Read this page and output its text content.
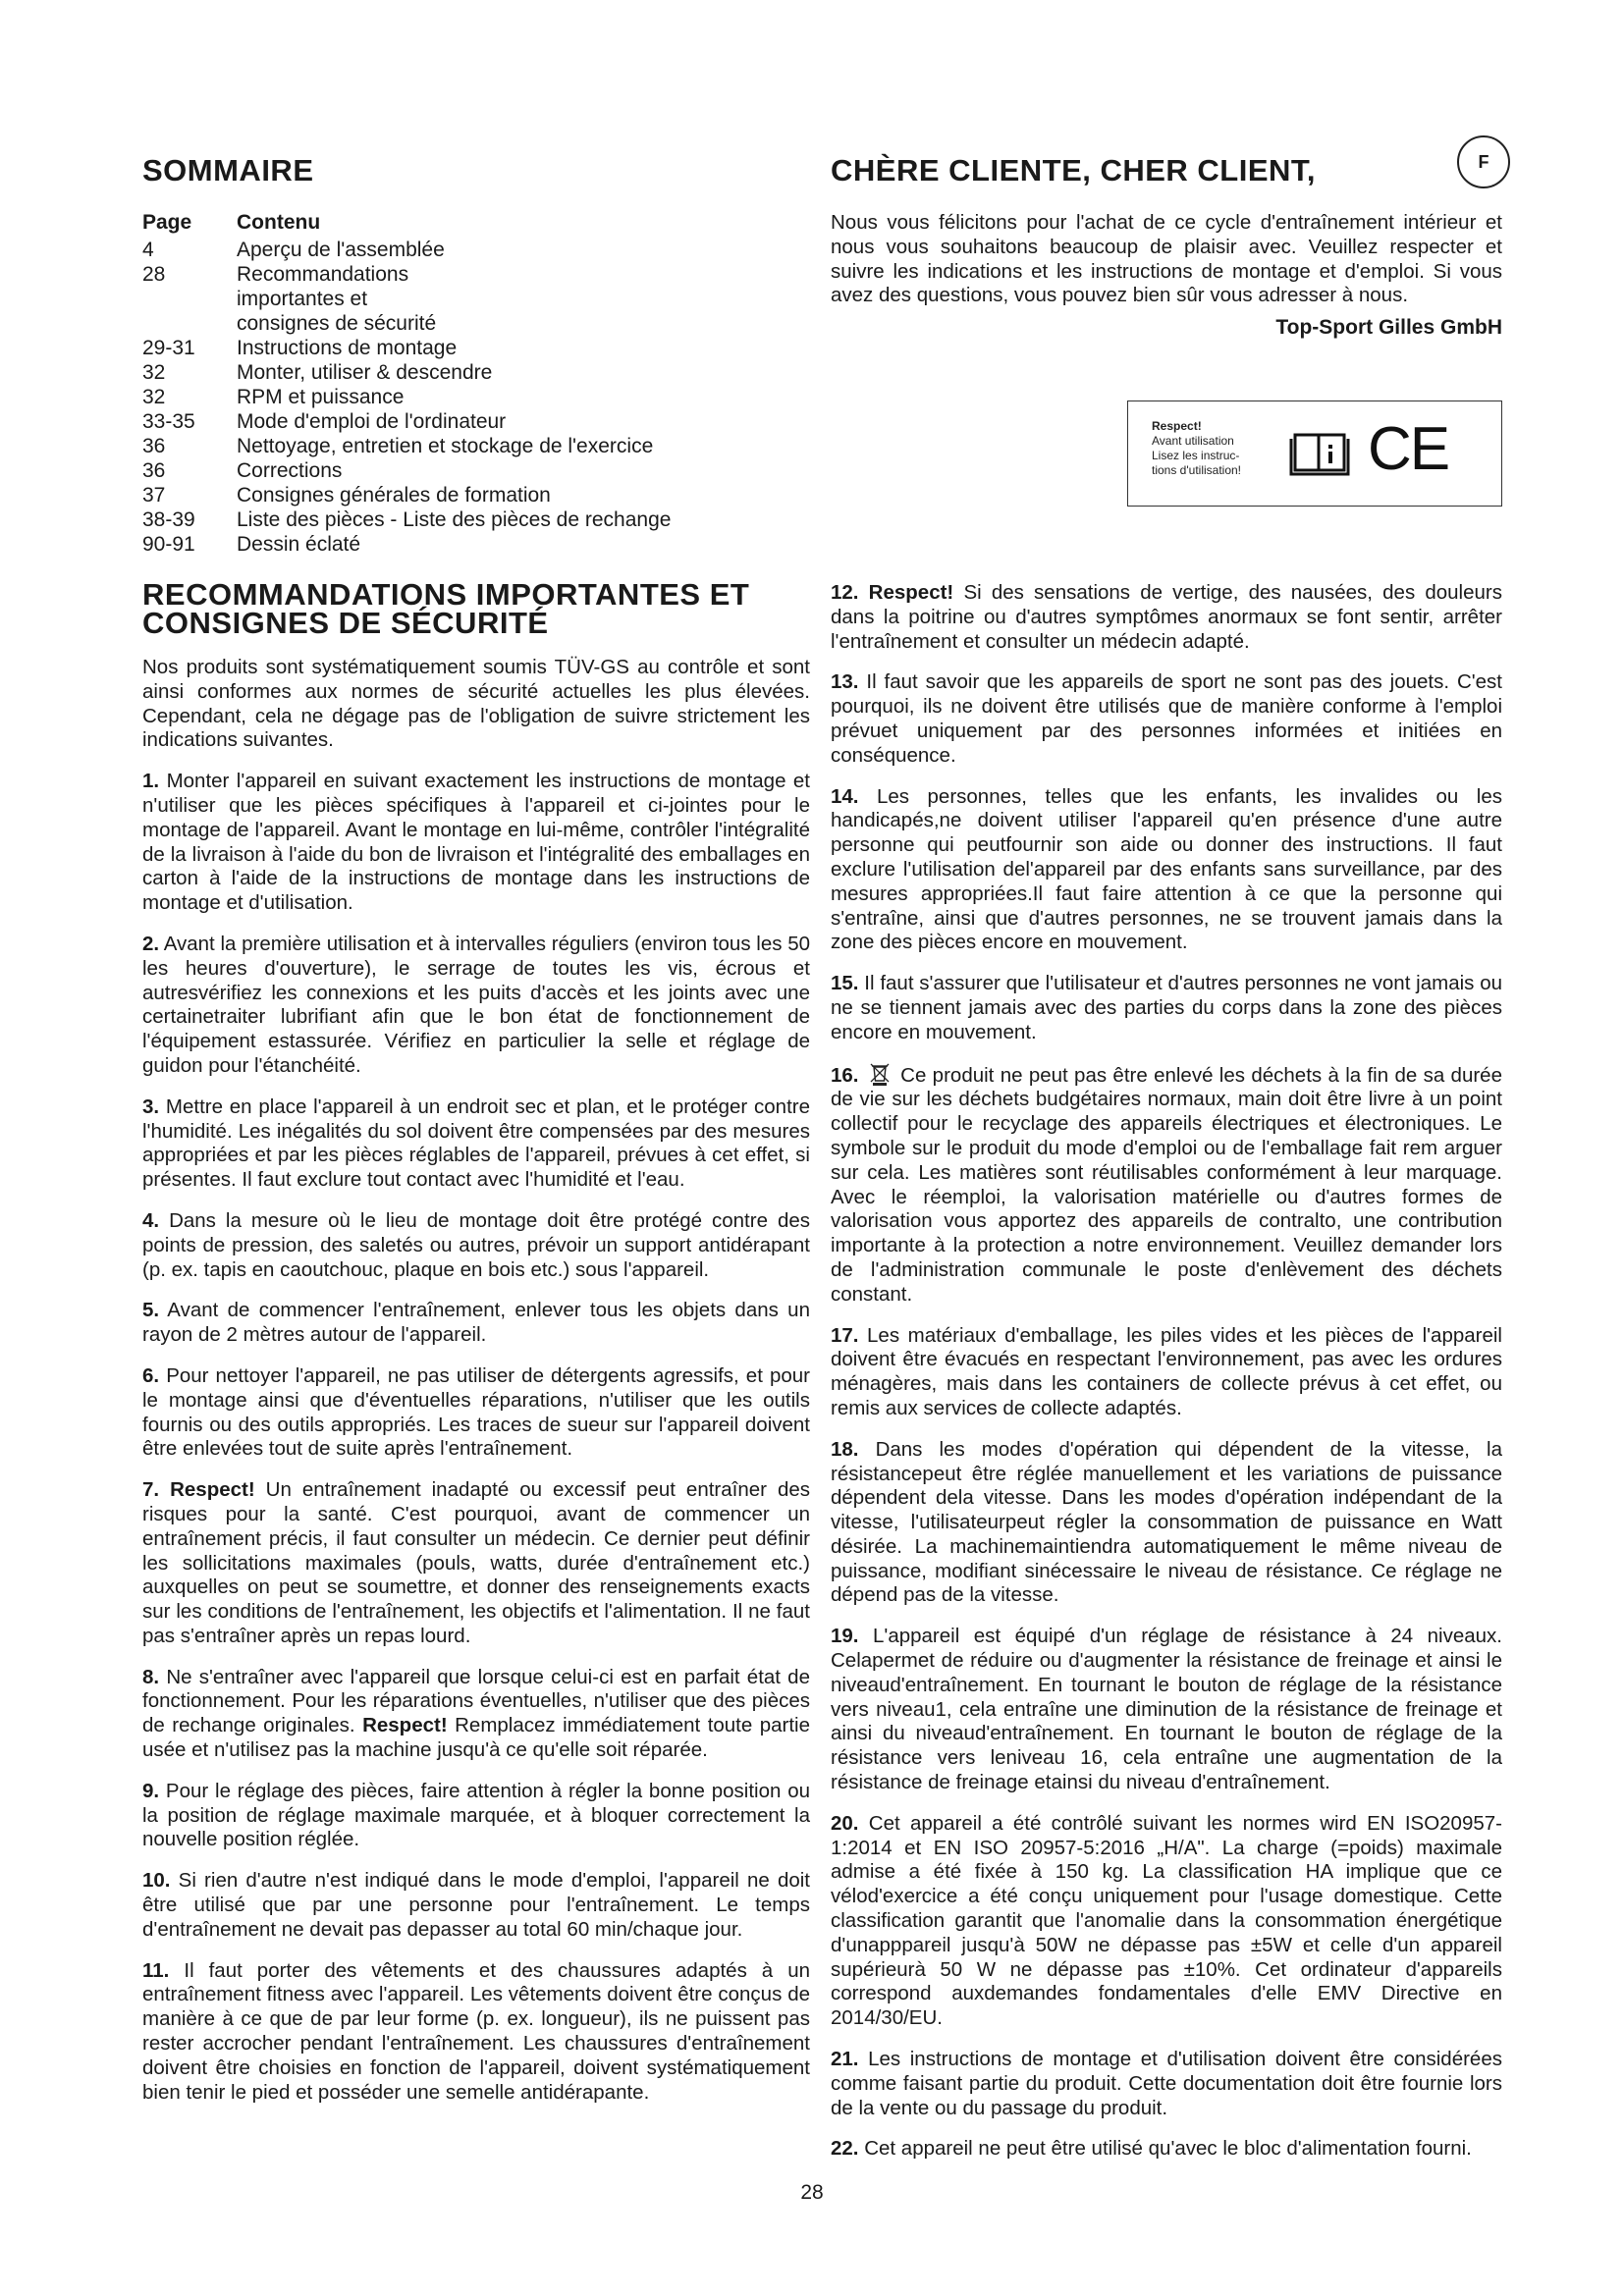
SOMMAIRE
Page	Contenu
4	Aperçu de l'assemblée
28	Recommandations importantes et consignes de sécurité
29-31	Instructions de montage
32	Monter, utiliser & descendre
32	RPM et puissance
33-35	Mode d'emploi de l'ordinateur
36	Nettoyage, entretien et stockage de l'exercice
36	Corrections
37	Consignes générales de formation
38-39	Liste des pièces - Liste des pièces de rechange
90-91	Dessin éclaté
CHÈRE CLIENTE, CHER CLIENT,	F

Nous vous félicitons pour l'achat de ce cycle d'entraînement intérieur et nous vous souhaitons beaucoup de plaisir avec. Veuillez respecter et suivre les indications et les instructions de montage et d'emploi. Si vous avez des questions, vous pouvez bien sûr vous adresser à nous.

Top-Sport Gilles GmbH
Respect!
Avant utilisation
Lisez les instruc-
tions d'utilisation! CE
RECOMMANDATIONS IMPORTANTES ET
CONSIGNES DE SÉCURITÉ

Nos produits sont systématiquement soumis TÜV-GS au contrôle et sont ainsi conformes aux normes de sécurité actuelles les plus élevées. Cependant, cela ne dégage pas de l'obligation de suivre strictement les indications suivantes.

1. Monter l'appareil en suivant exactement les instructions de montage et n'utiliser que les pièces spécifiques à l'appareil et ci-jointes pour le montage de l'appareil. Avant le montage en lui-même, contrôler l'intégralité de la livraison à l'aide du bon de livraison et l'intégralité des emballages en carton à l'aide de la instructions de montage dans les instructions de montage et d'utilisation.

2. Avant la première utilisation et à intervalles réguliers (environ tous les 50 les heures d'ouverture), le serrage de toutes les vis, écrous et autresvérifiez les connexions et les puits d'accès et les joints avec une certainetraiter lubrifiant afin que le bon état de fonctionnement de l'équipement estassurée. Vérifiez en particulier la selle et réglage de guidon pour l'étanchéité.

3. Mettre en place l'appareil à un endroit sec et plan, et le protéger contre l'humidité. Les inégalités du sol doivent être compensées par des mesures appropriées et par les pièces réglables de l'appareil, prévues à cet effet, si présentes. Il faut exclure tout contact avec l'humidité et l'eau.

4. Dans la mesure où le lieu de montage doit être protégé contre des points de pression, des saletés ou autres, prévoir un support antidérapant (p. ex. tapis en caoutchouc, plaque en bois etc.) sous l'appareil.

5. Avant de commencer l'entraînement, enlever tous les objets dans un rayon de 2 mètres autour de l'appareil.

6. Pour nettoyer l'appareil, ne pas utiliser de détergents agressifs, et pour le montage ainsi que d'éventuelles réparations, n'utiliser que les outils fournis ou des outils appropriés. Les traces de sueur sur l'appareil doivent être enlevées tout de suite après l'entraînement.

7. Respect! Un entraînement inadapté ou excessif peut entraîner des risques pour la santé. C'est pourquoi, avant de commencer un entraînement précis, il faut consulter un médecin. Ce dernier peut définir les sollicitations maximales (pouls, watts, durée d'entraînement etc.) auxquelles on peut se soumettre, et donner des renseignements exacts sur les conditions de l'entraînement, les objectifs et l'alimentation. Il ne faut pas s'entraîner après un repas lourd.

8. Ne s'entraîner avec l'appareil que lorsque celui-ci est en parfait état de fonctionnement. Pour les réparations éventuelles, n'utiliser que des pièces de rechange originales. Respect! Remplacez immédiatement toute partie usée et n'utilisez pas la machine jusqu'à ce qu'elle soit réparée.

9. Pour le réglage des pièces, faire attention à régler la bonne position ou la position de réglage maximale marquée, et à bloquer correctement la nouvelle position réglée.

10. Si rien d'autre n'est indiqué dans le mode d'emploi, l'appareil ne doit être utilisé que par une personne pour l'entraînement. Le temps d'entraînement ne devait pas depasser au total 60 min/chaque jour.

11. Il faut porter des vêtements et des chaussures adaptés à un entraînement fitness avec l'appareil. Les vêtements doivent être conçus de manière à ce que de par leur forme (p. ex. longueur), ils ne puissent pas rester accrocher pendant l'entraînement. Les chaussures d'entraînement doivent être choisies en fonction de l'appareil, doivent systématiquement bien tenir le pied et posséder une semelle antidérapante.

12. Respect! Si des sensations de vertige, des nausées, des douleurs dans la poitrine ou d'autres symptômes anormaux se font sentir, arrêter l'entraînement et consulter un médecin adapté.

13. Il faut savoir que les appareils de sport ne sont pas des jouets. C'est pourquoi, ils ne doivent être utilisés que de manière conforme à l'emploi prévuet uniquement par des personnes informées et initiées en conséquence.

14. Les personnes, telles que les enfants, les invalides ou les handicapés,ne doivent utiliser l'appareil qu'en présence d'une autre personne qui peutfournir son aide ou donner des instructions. Il faut exclure l'utilisation del'appareil par des enfants sans surveillance, par des mesures appropriées.Il faut faire attention à ce que la personne qui s'entraîne, ainsi que d'autres personnes, ne se trouvent jamais dans la zone des pièces encore en mouvement.

15. Il faut s'assurer que l'utilisateur et d'autres personnes ne vont jamais ou ne se tiennent jamais avec des parties du corps dans la zone des pièces encore en mouvement.

16. Ce produit ne peut pas être enlevé les déchets à la fin de sa durée de vie sur les déchets budgétaires normaux, main doit être livre à un point collectif pour le recyclage des appareils électriques et électroniques. Le symbole sur le produit du mode d'emploi ou de l'emballage fait rem arguer sur cela. Les matières sont réutilisables conformément à leur marquage. Avec le réemploi, la valorisation matérielle ou d'autres formes de valorisation vous apportez des appareils de contralto, une contribution importante à la protection a notre environnement. Veuillez demander lors de l'administration communale le poste d'enlèvement des déchets constant.

17. Les matériaux d'emballage, les piles vides et les pièces de l'appareil doivent être évacués en respectant l'environnement, pas avec les ordures ménagères, mais dans les containers de collecte prévus à cet effet, ou remis aux services de collecte adaptés.

18. Dans les modes d'opération qui dépendent de la vitesse, la résistancepeut être réglée manuellement et les variations de puissance dépendent dela vitesse. Dans les modes d'opération indépendant de la vitesse, l'utilisateurpeut régler la consommation de puissance en Watt désirée. La machinemaintiendra automatiquement le même niveau de puissance, modifiant sinécessaire le niveau de résistance. Ce réglage ne dépend pas de la vitesse.

19. L'appareil est équipé d'un réglage de résistance à 24 niveaux. Celapermet de réduire ou d'augmenter la résistance de freinage et ainsi le niveaud'entraînement. En tournant le bouton de réglage de la résistance vers niveau1, cela entraîne une diminution de la résistance de freinage et ainsi du niveaud'entraînement. En tournant le bouton de réglage de la résistance vers leniveau 16, cela entraîne une augmentation de la résistance de freinage etainsi du niveau d'entraînement.

20. Cet appareil a été contrôlé suivant les normes wird EN ISO20957-1:2014 et EN ISO 20957-5:2016 „H/A". La charge (=poids) maximale admise a été fixée à 150 kg. La classification HA implique que ce vélod'exercice a été conçu uniquement pour l'usage domestique. Cette classification garantit que l'anomalie dans la consommation énergétique d'unapppareil jusqu'à 50W ne dépasse pas ±5W et celle d'un appareil supérieurà 50 W ne dépasse pas ±10%. Cet ordinateur d'appareils correspond auxdemandes fondamentales d'elle EMV Directive en 2014/30/EU.

21. Les instructions de montage et d'utilisation doivent être considérées comme faisant partie du produit. Cette documentation doit être fournie lors de la vente ou du passage du produit.

22. Cet appareil ne peut être utilisé qu'avec le bloc d'alimentation fourni.

28
